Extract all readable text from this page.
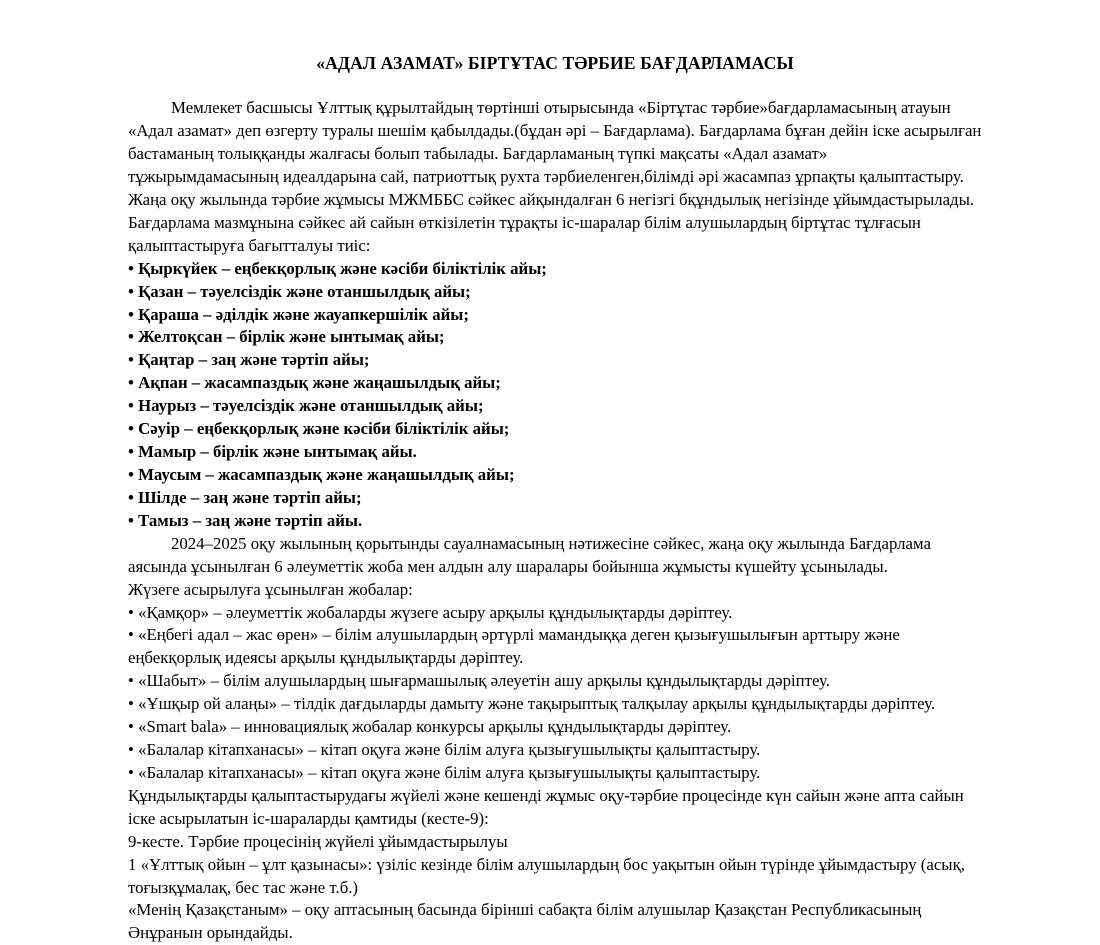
«АДАЛ АЗАМАТ» БІРТҰТАС ТӘРБИЕ БАҒДАРЛАМАСЫ

Мемлекет басшысы Ұлттық құрылтайдың төртінші отырысында «Біртұтас тәрбие»бағдарламасының атауын «Адал азамат» деп өзгерту туралы шешім қабылдады.(бұдан әрі – Бағдарлама). Бағдарлама бұған дейін іске асырылған бастаманың толыққанды жалғасы болып табылады. Бағдарламаның түпкі мақсаты «Адал азамат» тұжырымдамасының идеалдарына сай, патриоттық рухта тәрбиеленген,білімді әрі жасампаз ұрпақты қалыптастыру.

Жаңа оқу жылында тәрбие жұмысы МЖМББС сәйкес айқындалған 6 негізгі бқұндылық негізінде ұйымдастырылады. Бағдарлама мазмұнына сәйкес ай сайын өткізілетін тұрақты іс-шаралар білім алушылардың біртұтас тұлғасын қалыптастыруға бағытталуы тиіс:

• Қыркүйек – еңбекқорлық және кәсіби біліктілік айы;
• Қазан – тәуелсіздік және отаншылдық айы;
• Қараша – әділдік және жауапкершілік айы;
• Желтоқсан – бірлік және ынтымақ айы;
• Қаңтар – заң және тәртіп айы;
• Ақпан – жасампаздық және жаңашылдық айы;
• Наурыз – тәуелсіздік және отаншылдық айы;
• Сәуір – еңбекқорлық және кәсіби біліктілік айы;
• Мамыр – бірлік және ынтымақ айы.
• Маусым – жасампаздық және жаңашылдық айы;
• Шілде – заң және тәртіп айы;
• Тамыз – заң және тәртіп айы.

2024–2025 оқу жылының қорытынды сауалнамасының нәтижесіне сәйкес, жаңа оқу жылында Бағдарлама аясында ұсынылған 6 әлеуметтік жоба мен алдын алу шаралары бойынша жұмысты күшейту ұсынылады.

Жүзеге асырылуға ұсынылған жобалар:

• «Қамқор» – әлеуметтік жобаларды жүзеге асыру арқылы құндылықтарды дәріптеу.
• «Еңбегі адал – жас өрен» – білім алушылардың әртүрлі мамандыққа деген қызығушылығын арттыру және еңбекқорлық идеясы арқылы құндылықтарды дәріптеу.
• «Шабыт» – білім алушылардың шығармашылық әлеуетін ашу арқылы құндылықтарды дәріптеу.
• «Ұшқыр ой алаңы» – тілдік дағдыларды дамыту және тақырыптық талқылау арқылы құндылықтарды дәріптеу.
• «Smart bala» – инновациялық жобалар конкурсы арқылы құндылықтарды дәріптеу.
• «Балалар кітапханасы» – кітап оқуға және білім алуға қызығушылықты қалыптастыру.
• «Балалар кітапханасы» – кітап оқуға және білім алуға қызығушылықты қалыптастыру.

Құндылықтарды қалыптастырудағы жүйелі және кешенді жұмыс оқу-тәрбие процесінде күн сайын және апта сайын іске асырылатын іс-шараларды қамтиды (кесте-9):

9-кесте. Тәрбие процесінің жүйелі ұйымдастырылуы

1 «Ұлттық ойын – ұлт қазынасы»: үзіліс кезінде білім алушылардың бос уақытын ойын түрінде ұйымдастыру (асық, тоғызқұмалақ, бес тас және т.б.)

«Менің Қазақстаным» – оқу аптасының басында бірінші сабақта білім алушылар Қазақстан Республикасының Әнұранын орындайды.
